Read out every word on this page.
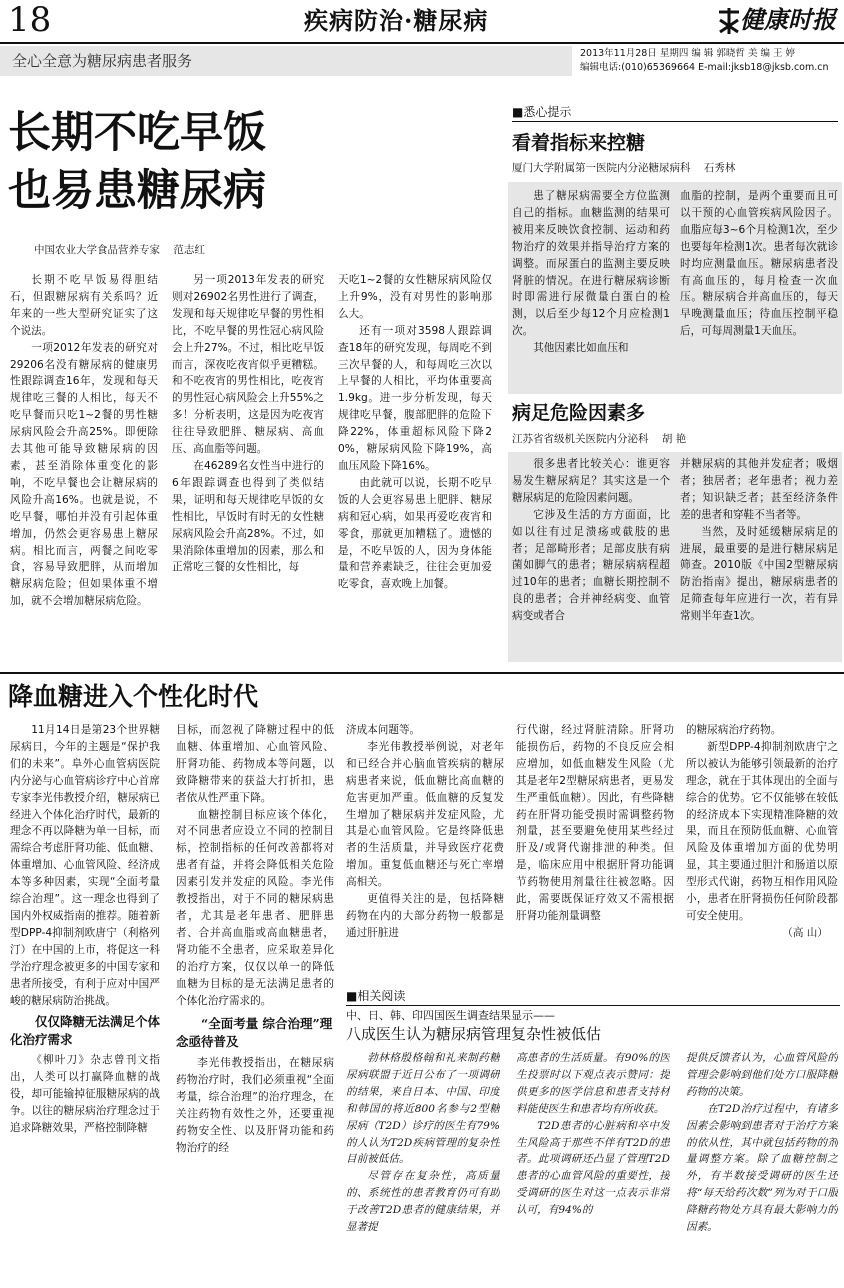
18	疾病防治·糖尿病	健康时报
全心全意为糖尿病患者服务	2013年11月28日 星期四 编 辑 郭晓哲 美 编 王 婷
编辑电话:(010)65369664 E-mail:jksb18@jksb.com.cn
长期不吃早饭
也易患糖尿病
中国农业大学食品营养专家    范志红

长期不吃早饭易得胆结石，但跟糖尿病有关系吗？近年来的一些大型研究证实了这个说法。

一项2012年发表的研究对29206名没有糖尿病的健康男性跟踪调查16年，发现和每天规律吃三餐的人相比，每天不吃早餐而只吃1~2餐的男性糖尿病风险会升高25%。即便除去其他可能导致糖尿病的因素，甚至消除体重变化的影响，不吃早餐也会让糖尿病的风险升高16%。也就是说，不吃早餐，哪怕并没有引起体重增加，仍然会更容易患上糖尿病。相比而言，两餐之间吃零食，容易导致肥胖，从而增加糖尿病危险；但如果体重不增加，就不会增加糖尿病危险。

另一项2013年发表的研究则对26902名男性进行了调查，发现和每天规律吃早餐的男性相比，不吃早餐的男性冠心病风险会上升27%。不过，相比吃早饭而言，深夜吃夜宵似乎更糟糕。和不吃夜宵的男性相比，吃夜宵的男性冠心病风险会上升55%之多！分析表明，这是因为吃夜宵往往导致肥胖、糖尿病、高血压、高血脂等问题。

在46289名女性当中进行的6年跟踪调查也得到了类似结果，证明和每天规律吃早饭的女性相比，早饭时有时无的女性糖尿病风险会升高28%。不过，如果消除体重增加的因素，那么和正常吃三餐的女性相比，每

天吃1~2餐的女性糖尿病风险仅上升9%，没有对男性的影响那么大。

还有一项对3598人跟踪调查18年的研究发现，每周吃不到三次早餐的人，和每周吃三次以上早餐的人相比，平均体重要高1.9kg。进一步分析发现，每天规律吃早餐，腹部肥胖的危险下降22%，体重超标风险下降20%，糖尿病风险下降19%，高血压风险下降16%。

由此就可以说，长期不吃早饭的人会更容易患上肥胖、糖尿病和冠心病，如果再爱吃夜宵和零食，那就更加糟糕了。遗憾的是，不吃早饭的人，因为身体能量和营养素缺乏，往往会更加爱吃零食，喜欢晚上加餐。

■悉心提示
看着指标来控糖
厦门大学附属第一医院内分泌糖尿病科    石秀林

患了糖尿病需要全方位监测自己的指标。血糖监测的结果可被用来反映饮食控制、运动和药物治疗的效果并指导治疗方案的调整。而尿蛋白的监测主要反映肾脏的情况。在进行糖尿病诊断时即需进行尿微量白蛋白的检测，以后至少每12个月应检测1次。

其他因素比如血压和

血脂的控制，是两个重要而且可以干预的心血管疾病风险因子。血脂应每3~6个月检测1次，至少也要每年检测1次。患者每次就诊时均应测量血压。糖尿病患者没有高血压的，每月检查一次血压。糖尿病合并高血压的，每天早晚测量血压；待血压控制平稳后，可每周测量1天血压。

病足危险因素多
江苏省省级机关医院内分泌科    胡 艳

很多患者比较关心：谁更容易发生糖尿病足？其实这是一个糖尿病足的危险因素问题。

它涉及生活的方方面面，比如以往有过足溃疡或截肢的患者；足部畸形者；足部皮肤有病菌如脚气的患者；糖尿病病程超过10年的患者；血糖长期控制不良的患者；合并神经病变、血管病变或者合

并糖尿病的其他并发症者；吸烟者；独居者；老年患者；视力差者；知识缺乏者；甚至经济条件差的患者和穿鞋不当者等。

当然，及时延缓糖尿病足的进展，最重要的是进行糖尿病足筛查。2010版《中国2型糖尿病防治指南》提出，糖尿病患者的足筛查每年应进行一次，若有异常则半年查1次。

降血糖进入个性化时代

11月14日是第23个世界糖尿病日，今年的主题是“保护我们的未来”。阜外心血管病医院内分泌与心血管病诊疗中心首席专家李光伟教授介绍，糖尿病已经进入个体化治疗时代，最新的理念不再以降糖为单一目标，而需综合考虑肝肾功能、低血糖、体重增加、心血管风险、经济成本等多种因素，实现“全面考量 综合治理”。这一理念也得到了国内外权威指南的推荐。随着新型DPP-4抑制剂欧唐宁（利格列汀）在中国的上市，将促这一科学治疗理念被更多的中国专家和患者所接受，有利于应对中国严峻的糖尿病防治挑战。

仅仅降糖无法满足个体化治疗需求

《柳叶刀》杂志曾刊文指出，人类可以打赢降血糖的战役，却可能输掉征服糖尿病的战争。以往的糖尿病治疗理念过于追求降糖效果，严格控制降糖

目标，而忽视了降糖过程中的低血糖、体重增加、心血管风险、肝肾功能、药物成本等问题，以致降糖带来的获益大打折扣，患者依从性严重下降。

血糖控制目标应该个体化，对不同患者应设立不同的控制目标，控制指标的任何改善都将对患者有益，并将会降低相关危险因素引发并发症的风险。李光伟教授指出，对于不同的糖尿病患者，尤其是老年患者、肥胖患者、合并高血脂或高血糖患者，肾功能不全患者，应采取差异化的治疗方案，仅仅以单一的降低血糖为目标的是无法满足患者的个体化治疗需求的。

“全面考量 综合治理”理念亟待普及

李光伟教授指出，在糖尿病药物治疗时，我们必须重视“全面考量，综合治理”的治疗理念，在关注药物有效性之外，还要重视药物安全性、以及肝肾功能和药物治疗的经

济成本问题等。

李光伟教授举例说，对老年和已经合并心脑血管疾病的糖尿病患者来说，低血糖比高血糖的危害更加严重。低血糖的反复发生增加了糖尿病并发症风险，尤其是心血管风险。它是终降低患者的生活质量，并导致医疗花费增加。重复低血糖还与死亡率增高相关。

更值得关注的是，包括降糖药物在内的大部分药物一般都是通过肝脏进

行代谢，经过肾脏清除。肝肾功能损伤后，药物的不良反应会相应增加，如低血糖发生风险（尤其是老年2型糖尿病患者，更易发生严重低血糖）。因此，有些降糖药在肝肾功能受损时需调整药物剂量，甚至要避免使用某些经过肝及/或肾代谢排泄的种类。但是，临床应用中根据肝肾功能调节药物使用剂量往往被忽略。因此，需要既保证疗效又不需根据肝肾功能剂量调整

的糖尿病治疗药物。

新型DPP-4抑制剂欧唐宁之所以被认为能够引领最新的治疗理念，就在于其体现出的全面与综合的优势。它不仅能够在较低的经济成本下实现精准降糖的效果，而且在预防低血糖、心血管风险及体重增加方面的优势明显，其主要通过胆汁和肠道以原型形式代谢，药物互相作用风险小，患者在肝肾损伤任何阶段都可安全使用。

（高 山）
■相关阅读
中、日、韩、印四国医生调查结果显示——
八成医生认为糖尿病管理复杂性被低估

勃林格殷格翰和礼来制药糖尿病联盟于近日公布了一项调研的结果，来自日本、中国、印度和韩国的将近800名参与2型糖尿病（T2D）诊疗的医生有79%的人认为T2D疾病管理的复杂性目前被低估。

尽管存在复杂性，高质量的、系统性的患者教育仍可有助于改善T2D患者的健康结果，并显著提

高患者的生活质量。有90%的医生投票时以下观点表示赞同：提供更多的医学信息和患者支持材料能使医生和患者均有所收获。

T2D患者的心脏病和卒中发生风险高于那些不伴有T2D的患者。此项调研还凸显了管理T2D患者的心血管风险的重要性，接受调研的医生对这一点表示非常认可，有94%的

提供反馈者认为，心血管风险的管理会影响到他们处方口服降糖药物的决策。

在T2D治疗过程中，有诸多因素会影响到患者对于治疗方案的依从性，其中就包括药物的剂量调整方案。除了血糖控制之外，有半数接受调研的医生还将“每天给药次数”列为对于口服降糖药物处方具有最大影响力的因素。
